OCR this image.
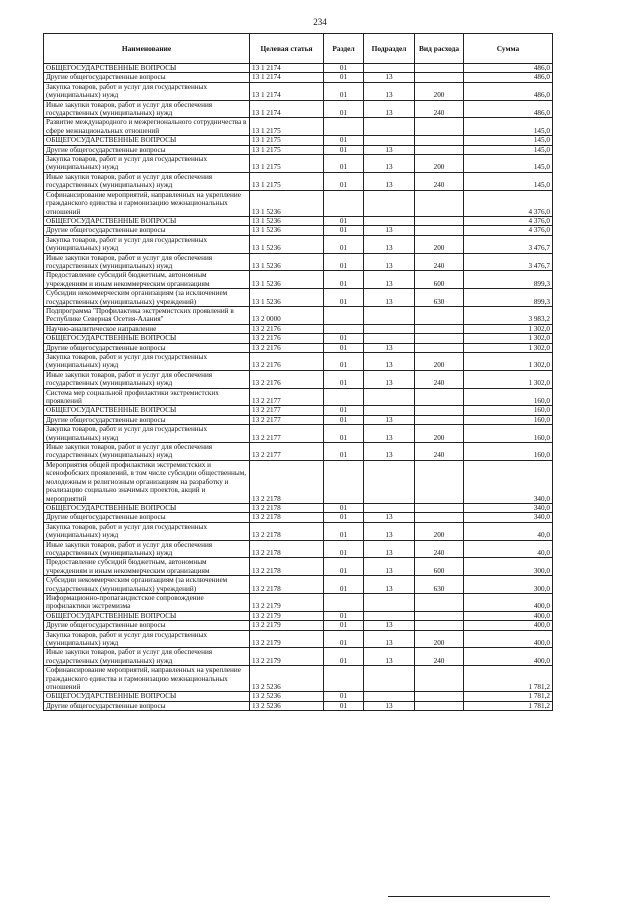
234
Наименование	Целевая статья	Раздел	Подраздел	Вид расхода	Сумма
ОБЩЕГОСУДАРСТВЕННЫЕ ВОПРОСЫ	13 1 2174	01			486,0
Другие общегосударственные вопросы	13 1 2174	01	13		486,0
Закупка товаров, работ и услуг для государственных (муниципальных) нужд	13 1 2174	01	13	200	486,0
Иные закупки товаров, работ и услуг для обеспечения государственных (муниципальных) нужд	13 1 2174	01	13	240	486,0
Развитие международного и межрегионального сотрудничества в сфере межнациональных отношений	13 1 2175				145,0
ОБЩЕГОСУДАРСТВЕННЫЕ ВОПРОСЫ	13 1 2175	01			145,0
Другие общегосударственные вопросы	13 1 2175	01	13		145,0
Закупка товаров, работ и услуг для государственных (муниципальных) нужд	13 1 2175	01	13	200	145,0
Иные закупки товаров, работ и услуг для обеспечения государственных (муниципальных) нужд	13 1 2175	01	13	240	145,0
Софинансирование мероприятий, направленных на укрепление гражданского единства и гармонизацию межнациональных отношений	13 1 5236				4 376,0
ОБЩЕГОСУДАРСТВЕННЫЕ ВОПРОСЫ	13 1 5236	01			4 376,0
Другие общегосударственные вопросы	13 1 5236	01	13		4 376,0
Закупка товаров, работ и услуг для государственных (муниципальных) нужд	13 1 5236	01	13	200	3 476,7
Иные закупки товаров, работ и услуг для обеспечения государственных (муниципальных) нужд	13 1 5236	01	13	240	3 476,7
Предоставление субсидий бюджетным, автономным учреждениям и иным некоммерческим организациям	13 1 5236	01	13	600	899,3
Субсидии некоммерческим организациям (за исключением государственных (муниципальных) учреждений)	13 1 5236	01	13	630	899,3
Подпрограмма "Профилактика экстремистских проявлений в Республике Северная Осетия-Алания"	13 2 0000				3 983,2
Научно-аналитическое направление	13 2 2176				1 302,0
ОБЩЕГОСУДАРСТВЕННЫЕ ВОПРОСЫ	13 2 2176	01			1 302,0
Другие общегосударственные вопросы	13 2 2176	01	13		1 302,0
Закупка товаров, работ и услуг для государственных (муниципальных) нужд	13 2 2176	01	13	200	1 302,0
Иные закупки товаров, работ и услуг для обеспечения государственных (муниципальных) нужд	13 2 2176	01	13	240	1 302,0
Система мер социальной профилактики экстремистских проявлений	13 2 2177				160,0
ОБЩЕГОСУДАРСТВЕННЫЕ ВОПРОСЫ	13 2 2177	01			160,0
Другие общегосударственные вопросы	13 2 2177	01	13		160,0
Закупка товаров, работ и услуг для государственных (муниципальных) нужд	13 2 2177	01	13	200	160,0
Иные закупки товаров, работ и услуг для обеспечения государственных (муниципальных) нужд	13 2 2177	01	13	240	160,0
Мероприятия общей профилактики экстремистских и ксенофобских проявлений, в том числе субсидии общественным, молодежным и религиозным организациям на разработку и реализацию социально значимых проектов, акций и мероприятий	13 2 2178				340,0
ОБЩЕГОСУДАРСТВЕННЫЕ ВОПРОСЫ	13 2 2178	01			340,0
Другие общегосударственные вопросы	13 2 2178	01	13		340,0
Закупка товаров, работ и услуг для государственных (муниципальных) нужд	13 2 2178	01	13	200	40,0
Иные закупки товаров, работ и услуг для обеспечения государственных (муниципальных) нужд	13 2 2178	01	13	240	40,0
Предоставление субсидий бюджетным, автономным учреждениям и иным некоммерческим организациям	13 2 2178	01	13	600	300,0
Субсидии некоммерческим организациям (за исключением государственных (муниципальных) учреждений)	13 2 2178	01	13	630	300,0
Информационно-пропагандистское сопровождение профилактики экстремизма	13 2 2179				400,0
ОБЩЕГОСУДАРСТВЕННЫЕ ВОПРОСЫ	13 2 2179	01			400,0
Другие общегосударственные вопросы	13 2 2179	01	13		400,0
Закупка товаров, работ и услуг для государственных (муниципальных) нужд	13 2 2179	01	13	200	400,0
Иные закупки товаров, работ и услуг для обеспечения государственных (муниципальных) нужд	13 2 2179	01	13	240	400,0
Софинансирование мероприятий, направленных на укрепление гражданского единства и гармонизацию межнациональных отношений	13 2 5236				1 781,2
ОБЩЕГОСУДАРСТВЕННЫЕ ВОПРОСЫ	13 2 5236	01			1 781,2
Другие общегосударственные вопросы	13 2 5236	01	13		1 781,2
